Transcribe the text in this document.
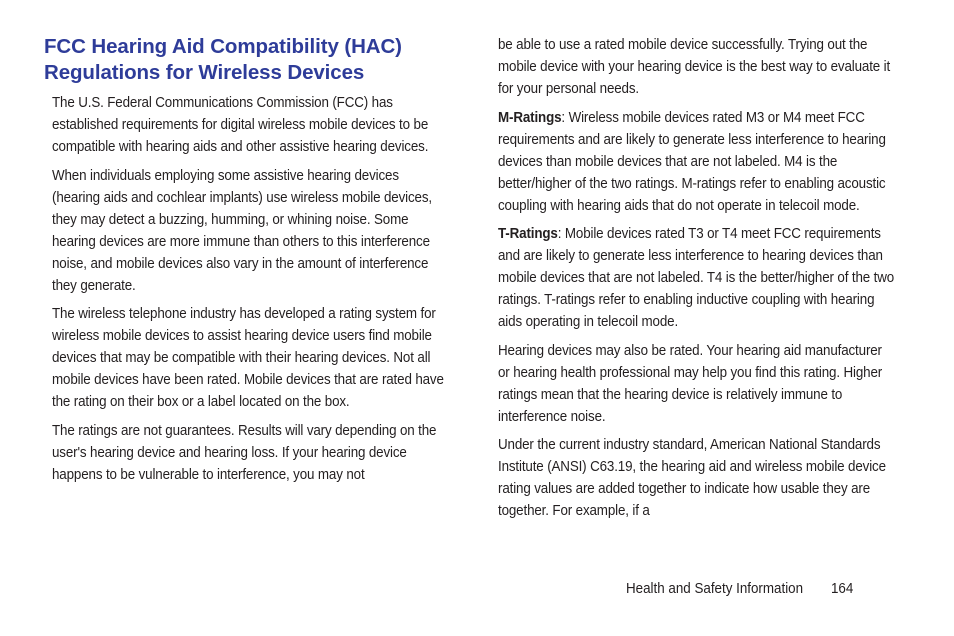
FCC Hearing Aid Compatibility (HAC)
Regulations for Wireless Devices

The U.S. Federal Communications Commission (FCC) has established requirements for digital wireless mobile devices to be compatible with hearing aids and other assistive hearing devices.

When individuals employing some assistive hearing devices (hearing aids and cochlear implants) use wireless mobile devices, they may detect a buzzing, humming, or whining noise. Some hearing devices are more immune than others to this interference noise, and mobile devices also vary in the amount of interference they generate.

The wireless telephone industry has developed a rating system for wireless mobile devices to assist hearing device users find mobile devices that may be compatible with their hearing devices. Not all mobile devices have been rated. Mobile devices that are rated have the rating on their box or a label located on the box.

The ratings are not guarantees. Results will vary depending on the user's hearing device and hearing loss. If your hearing device happens to be vulnerable to interference, you may not

be able to use a rated mobile device successfully. Trying out the mobile device with your hearing device is the best way to evaluate it for your personal needs.

M-Ratings: Wireless mobile devices rated M3 or M4 meet FCC requirements and are likely to generate less interference to hearing devices than mobile devices that are not labeled. M4 is the better/higher of the two ratings. M-ratings refer to enabling acoustic coupling with hearing aids that do not operate in telecoil mode.

T-Ratings: Mobile devices rated T3 or T4 meet FCC requirements and are likely to generate less interference to hearing devices than mobile devices that are not labeled. T4 is the better/higher of the two ratings. T-ratings refer to enabling inductive coupling with hearing aids operating in telecoil mode.

Hearing devices may also be rated. Your hearing aid manufacturer or hearing health professional may help you find this rating. Higher ratings mean that the hearing device is relatively immune to interference noise.

Under the current industry standard, American National Standards Institute (ANSI) C63.19, the hearing aid and wireless mobile device rating values are added together to indicate how usable they are together. For example, if a

Health and Safety Information 164
